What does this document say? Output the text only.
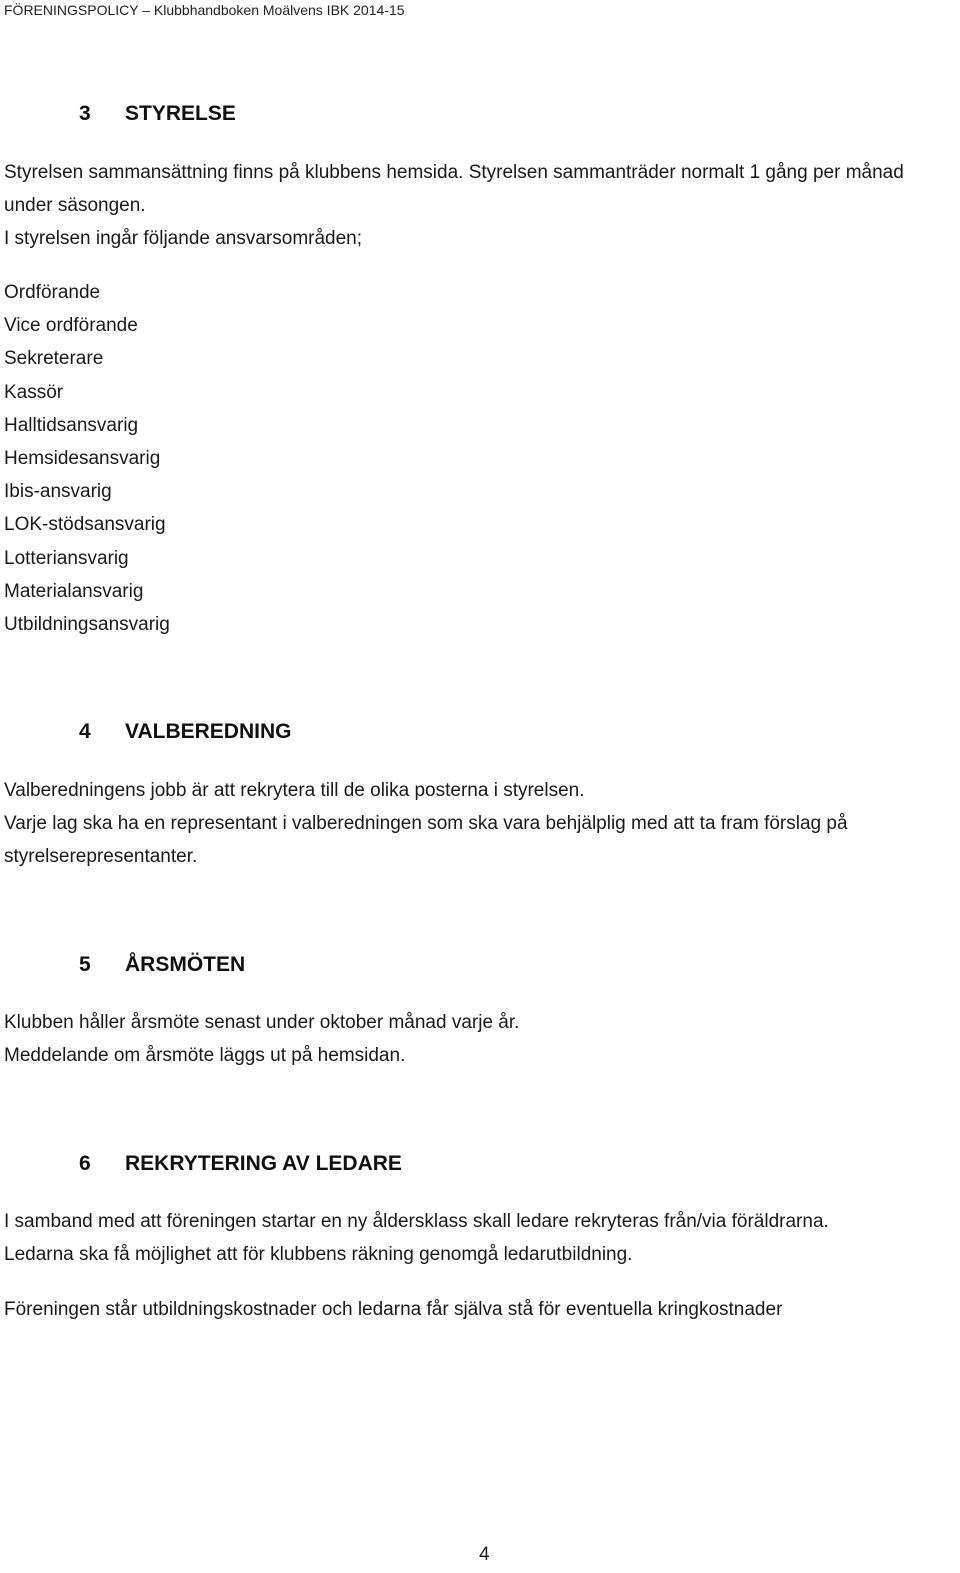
FÖRENINGSPOLICY – Klubbhandboken Moälvens IBK 2014-15
3 STYRELSE

Styrelsen sammansättning finns på klubbens hemsida. Styrelsen sammanträder normalt 1 gång per månad under säsongen.

I styrelsen ingår följande ansvarsområden;

Ordförande
Vice ordförande
Sekreterare
Kassör
Halltidsansvarig
Hemsidesansvarig
Ibis-ansvarig
LOK-stödsansvarig
Lotteriansvarig
Materialansvarig
Utbildningsansvarig
4 VALBEREDNING

Valberedningens jobb är att rekrytera till de olika posterna i styrelsen.

Varje lag ska ha en representant i valberedningen som ska vara behjälplig med att ta fram förslag på styrelserepresentanter.

5 ÅRSMÖTEN

Klubben håller årsmöte senast under oktober månad varje år.

Meddelande om årsmöte läggs ut på hemsidan.

6 REKRYTERING AV LEDARE

I samband med att föreningen startar en ny åldersklass skall ledare rekryteras från/via föräldrarna.

Ledarna ska få möjlighet att för klubbens räkning genomgå ledarutbildning.

Föreningen står utbildningskostnader och ledarna får själva stå för eventuella kringkostnader

4
